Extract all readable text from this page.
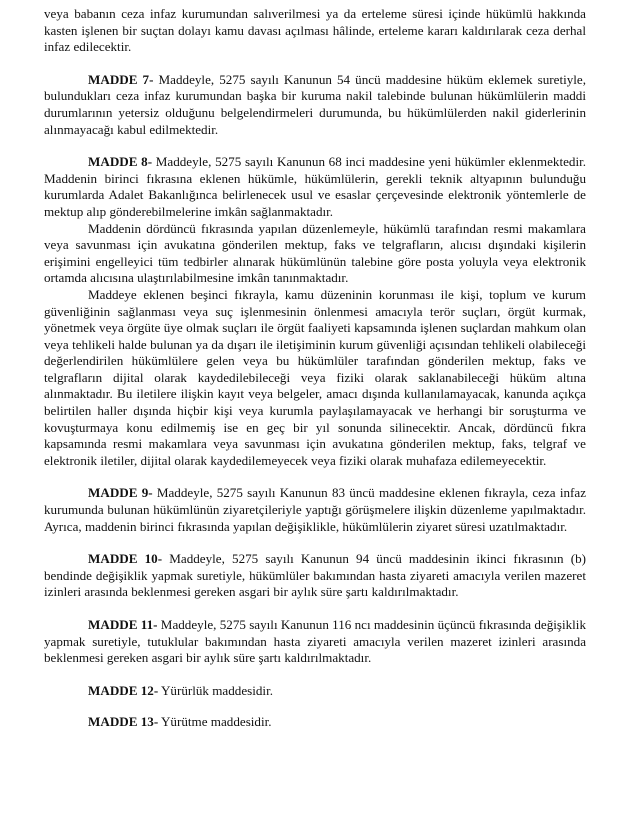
veya babanın ceza infaz kurumundan salıverilmesi ya da erteleme süresi içinde hükümlü hakkında kasten işlenen bir suçtan dolayı kamu davası açılması hâlinde, erteleme kararı kaldırılarak ceza derhal infaz edilecektir.

MADDE 7- Maddeyle, 5275 sayılı Kanunun 54 üncü maddesine hüküm eklemek suretiyle, bulundukları ceza infaz kurumundan başka bir kuruma nakil talebinde bulunan hükümlülerin maddi durumlarının yetersiz olduğunu belgelendirmeleri durumunda, bu hükümlülerden nakil giderlerinin alınmayacağı kabul edilmektedir.

MADDE 8- Maddeyle, 5275 sayılı Kanunun 68 inci maddesine yeni hükümler eklenmektedir. Maddenin birinci fıkrasına eklenen hükümle, hükümlülerin, gerekli teknik altyapının bulunduğu kurumlarda Adalet Bakanlığınca belirlenecek usul ve esaslar çerçevesinde elektronik yöntemlerle de mektup alıp gönderebilmelerine imkân sağlanmaktadır.

Maddenin dördüncü fıkrasında yapılan düzenlemeyle, hükümlü tarafından resmi makamlara veya savunması için avukatına gönderilen mektup, faks ve telgrafların, alıcısı dışındaki kişilerin erişimini engelleyici tüm tedbirler alınarak hükümlünün talebine göre posta yoluyla veya elektronik ortamda alıcısına ulaştırılabilmesine imkân tanınmaktadır.

Maddeye eklenen beşinci fıkrayla, kamu düzeninin korunması ile kişi, toplum ve kurum güvenliğinin sağlanması veya suç işlenmesinin önlenmesi amacıyla terör suçları, örgüt kurmak, yönetmek veya örgüte üye olmak suçları ile örgüt faaliyeti kapsamında işlenen suçlardan mahkum olan veya tehlikeli halde bulunan ya da dışarı ile iletişiminin kurum güvenliği açısından tehlikeli olabileceği değerlendirilen hükümlülere gelen veya bu hükümlüler tarafından gönderilen mektup, faks ve telgrafların dijital olarak kaydedilebileceği veya fiziki olarak saklanabileceği hüküm altına alınmaktadır. Bu iletilere ilişkin kayıt veya belgeler, amacı dışında kullanılamayacak, kanunda açıkça belirtilen haller dışında hiçbir kişi veya kurumla paylaşılamayacak ve herhangi bir soruşturma ve kovuşturmaya konu edilmemiş ise en geç bir yıl sonunda silinecektir. Ancak, dördüncü fıkra kapsamında resmi makamlara veya savunması için avukatına gönderilen mektup, faks, telgraf ve elektronik iletiler, dijital olarak kaydedilemeyecek veya fiziki olarak muhafaza edilemeyecektir.

MADDE 9- Maddeyle, 5275 sayılı Kanunun 83 üncü maddesine eklenen fıkrayla, ceza infaz kurumunda bulunan hükümlünün ziyaretçileriyle yaptığı görüşmelere ilişkin düzenleme yapılmaktadır. Ayrıca, maddenin birinci fıkrasında yapılan değişiklikle, hükümlülerin ziyaret süresi uzatılmaktadır.

MADDE 10- Maddeyle, 5275 sayılı Kanunun 94 üncü maddesinin ikinci fıkrasının (b) bendinde değişiklik yapmak suretiyle, hükümlüler bakımından hasta ziyareti amacıyla verilen mazeret izinleri arasında beklenmesi gereken asgari bir aylık süre şartı kaldırılmaktadır.

MADDE 11- Maddeyle, 5275 sayılı Kanunun 116 ncı maddesinin üçüncü fıkrasında değişiklik yapmak suretiyle, tutuklular bakımından hasta ziyareti amacıyla verilen mazeret izinleri arasında beklenmesi gereken asgari bir aylık süre şartı kaldırılmaktadır.

MADDE 12- Yürürlük maddesidir.

MADDE 13- Yürütme maddesidir.
